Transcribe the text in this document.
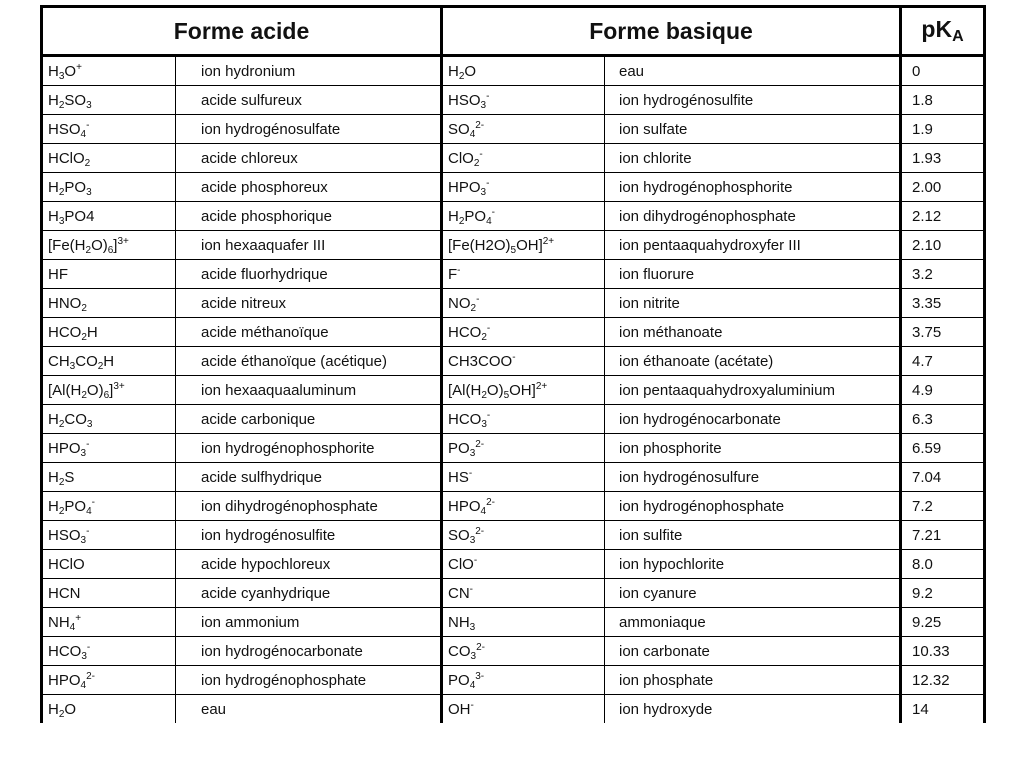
Forme acide		Forme basique		pKA
$H_3O^+$	ion hydronium	$H_2O$	eau	0
$H_2SO_3$	acide sulfureux	$HSO_3^-$	ion hydrogénosulfite	1.8
$HSO_4^-$	ion hydrogénosulfate	$SO_4^{2-}$	ion sulfate	1.9
HClO$_2$	acide chloreux	ClO$_2$-	ion chlorite	1.93
$H_2PO_3$	acide phosphoreux	$HPO_3^-$	ion hydrogénophosphorite	2.00
$H_3PO4$	acide phosphorique	$H_2PO_4^-$	ion dihydrogénophosphate	2.12
$[Fe(H_2O)_6]^{3+}$	ion hexaaquafer III	$[Fe(H2O)_5OH]^{2+}$	ion pentaaquahydroxyfer III	2.10
HF	acide fluorhydrique	F-	ion fluorure	3.2
$HNO_2$	acide nitreux	$NO_2^-$	ion nitrite	3.35
$HCO_2H$	acide méthanoïque	$HCO_2^-$	ion méthanoate	3.75
$CH_3CO_2H$	acide éthanoïque (acétique)	CH3COO-	ion éthanoate (acétate)	4.7
$[Al(H_2O)_6]^{3+}$	ion hexaaquaaluminum	$[Al(H_2O)_5OH]^{2+}$	ion pentaaquahydroxyaluminium	4.9
$H_2CO_3$	acide carbonique	$HCO_3^-$	ion hydrogénocarbonate	6.3
$HPO_3^-$	ion hydrogénophosphorite	$PO_3^{2-}$	ion phosphorite	6.59
$H_2S$	acide sulfhydrique	HS-	ion hydrogénosulfure	7.04
$H_2PO_4^-$	ion dihydrogénophosphate	$HPO_4^{2-}$	ion hydrogénophosphate	7.2
$HSO_3^-$	ion hydrogénosulfite	$SO_3^{2-}$	ion sulfite	7.21
HClO	acide hypochloreux	ClO-	ion hypochlorite	8.0
HCN	acide cyanhydrique	CN-	ion cyanure	9.2
$NH_4^+$	ion ammonium	$NH_3$	ammoniaque	9.25
$HCO_3^-$	ion hydrogénocarbonate	$CO_3^{2-}$	ion carbonate	10.33
$HPO_4^{2-}$	ion hydrogénophosphate	$PO_4^{3-}$	ion phosphate	12.32
$H_2O$	eau	OH-	ion hydroxyde	14
